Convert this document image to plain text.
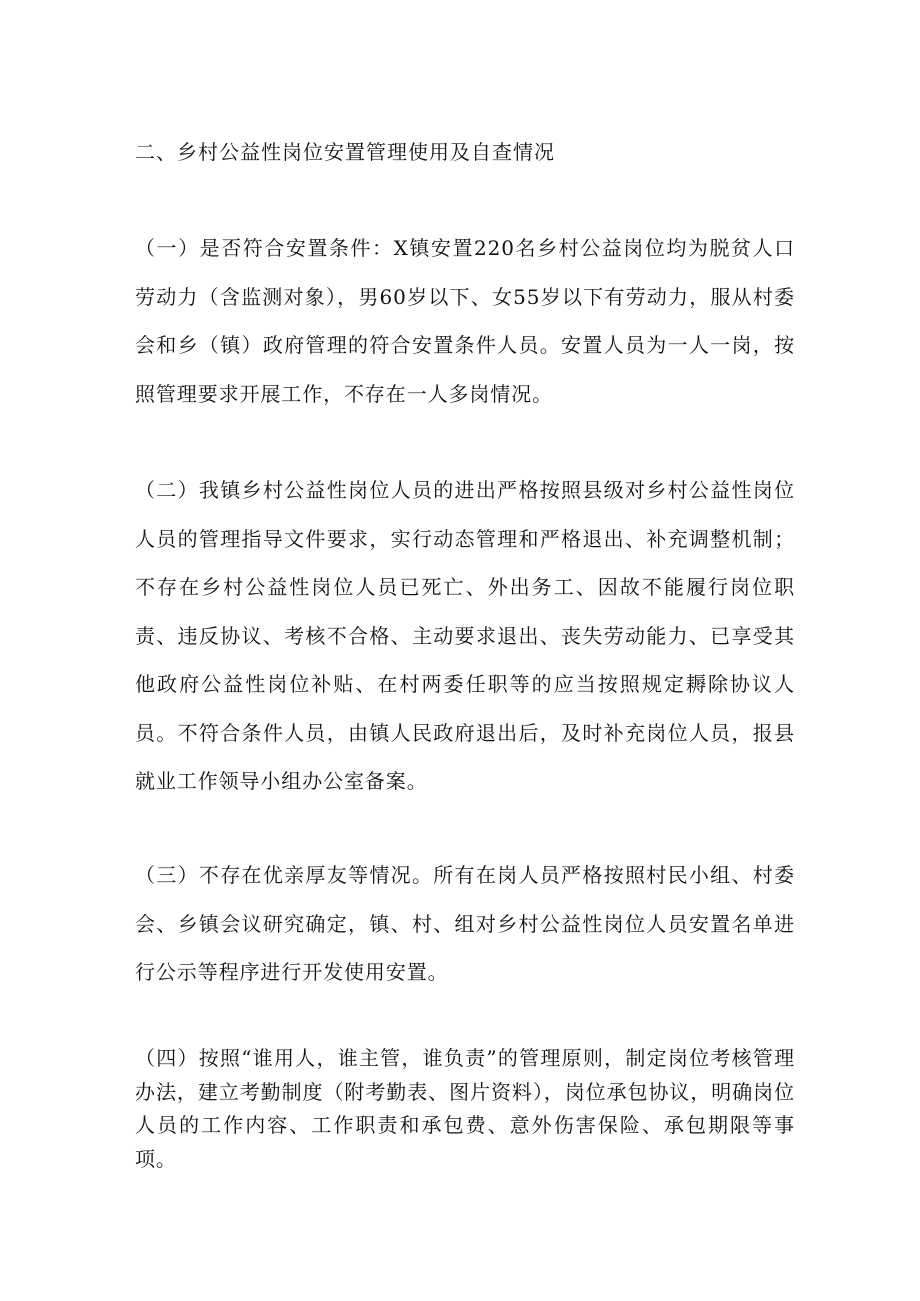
二、乡村公益性岗位安置管理使用及自查情况

（一）是否符合安置条件：X镇安置220名乡村公益岗位均为脱贫人口劳动力（含监测对象），男60岁以下、女55岁以下有劳动力，服从村委会和乡（镇）政府管理的符合安置条件人员。安置人员为一人一岗，按照管理要求开展工作，不存在一人多岗情况。

（二）我镇乡村公益性岗位人员的进出严格按照县级对乡村公益性岗位人员的管理指导文件要求，实行动态管理和严格退出、补充调整机制；不存在乡村公益性岗位人员已死亡、外出务工、因故不能履行岗位职责、违反协议、考核不合格、主动要求退出、丧失劳动能力、已享受其他政府公益性岗位补贴、在村两委任职等的应当按照规定耨除协议人员。不符合条件人员，由镇人民政府退出后，及时补充岗位人员，报县就业工作领导小组办公室备案。

（三）不存在优亲厚友等情况。所有在岗人员严格按照村民小组、村委会、乡镇会议研究确定，镇、村、组对乡村公益性岗位人员安置名单进行公示等程序进行开发使用安置。

（四）按照“谁用人，谁主管，谁负责”的管理原则，制定岗位考核管理办法，建立考勤制度（附考勤表、图片资料），岗位承包协议，明确岗位人员的工作内容、工作职责和承包费、意外伤害保险、承包期限等事项。
